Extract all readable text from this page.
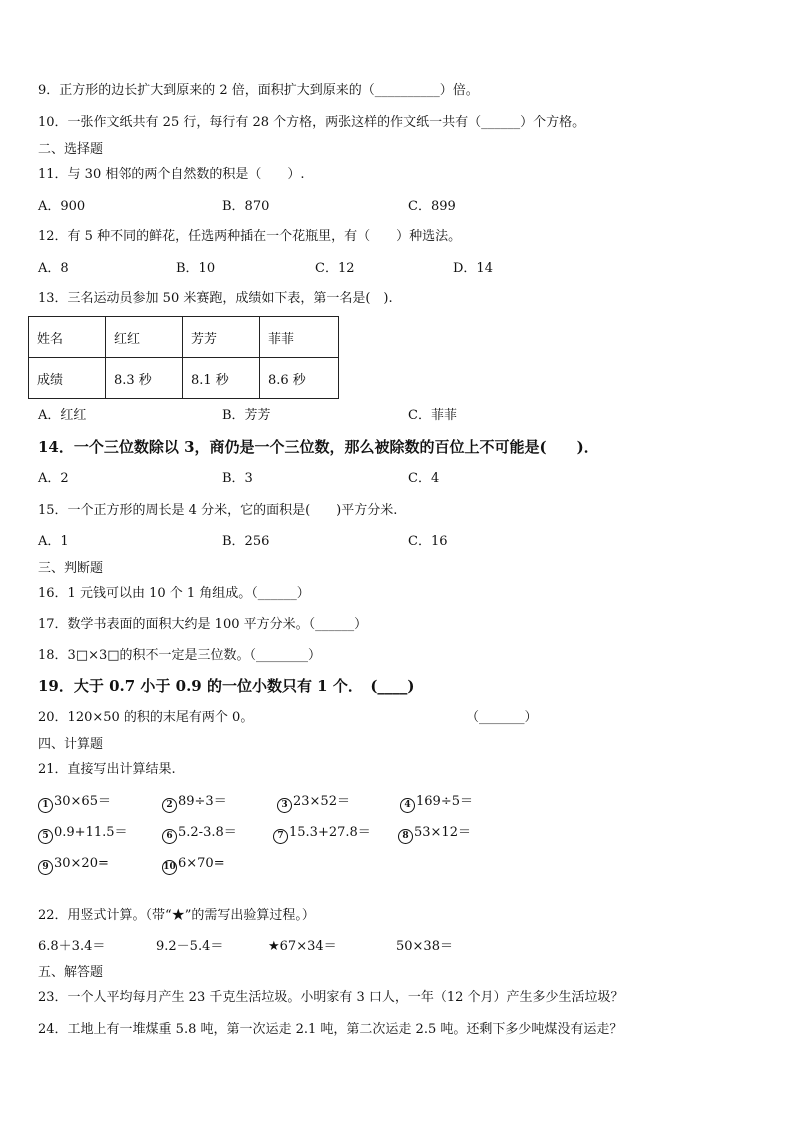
9．正方形的边长扩大到原来的 2 倍，面积扩大到原来的（__________）倍。
10．一张作文纸共有 25 行，每行有 28 个方格，两张这样的作文纸一共有（______）个方格。
二、选择题
11．与 30 相邻的两个自然数的积是（　　）.
A．900	B．870	C．899
12．有 5 种不同的鲜花，任选两种插在一个花瓶里，有（　　）种选法。
A．8	B．10	C．12	D．14
13．三名运动员参加 50 米赛跑，成绩如下表，第一名是(　).
姓名	红红	芳芳	菲菲
成绩	8.3 秒	8.1 秒	8.6 秒
A．红红	B．芳芳	C．菲菲
14．一个三位数除以 3，商仍是一个三位数，那么被除数的百位上不可能是(　　)．
A．2	B．3	C．4
15．一个正方形的周长是 4 分米，它的面积是(　　)平方分米.
A．1	B．256	C．16
三、判断题
16．1 元钱可以由 10 个 1 角组成。（______）
17．数学书表面的面积大约是 100 平方分米。（______）
18．3□×3□的积不一定是三位数。（________）
19．大于 0.7 小于 0.9 的一位小数只有 1 个．　(____)
20．120×50 的积的末尾有两个 0。	（_______）
四、计算题
21．直接写出计算结果.
1 30×65＝	2 89÷3＝	3 23×52＝	4 169÷5＝
5 0.9+11.5＝	6 5.2-3.8＝	7 15.3+27.8＝	8 53×12＝
9 30×20=	10 6×70=
22．用竖式计算。（带“★”的需写出验算过程。）
6.8＋3.4＝	9.2－5.4＝	★67×34＝	50×38＝
五、解答题
23．一个人平均每月产生 23 千克生活垃圾。小明家有 3 口人，一年（12 个月）产生多少生活垃圾？
24．工地上有一堆煤重 5.8 吨，第一次运走 2.1 吨，第二次运走 2.5 吨。还剩下多少吨煤没有运走？
